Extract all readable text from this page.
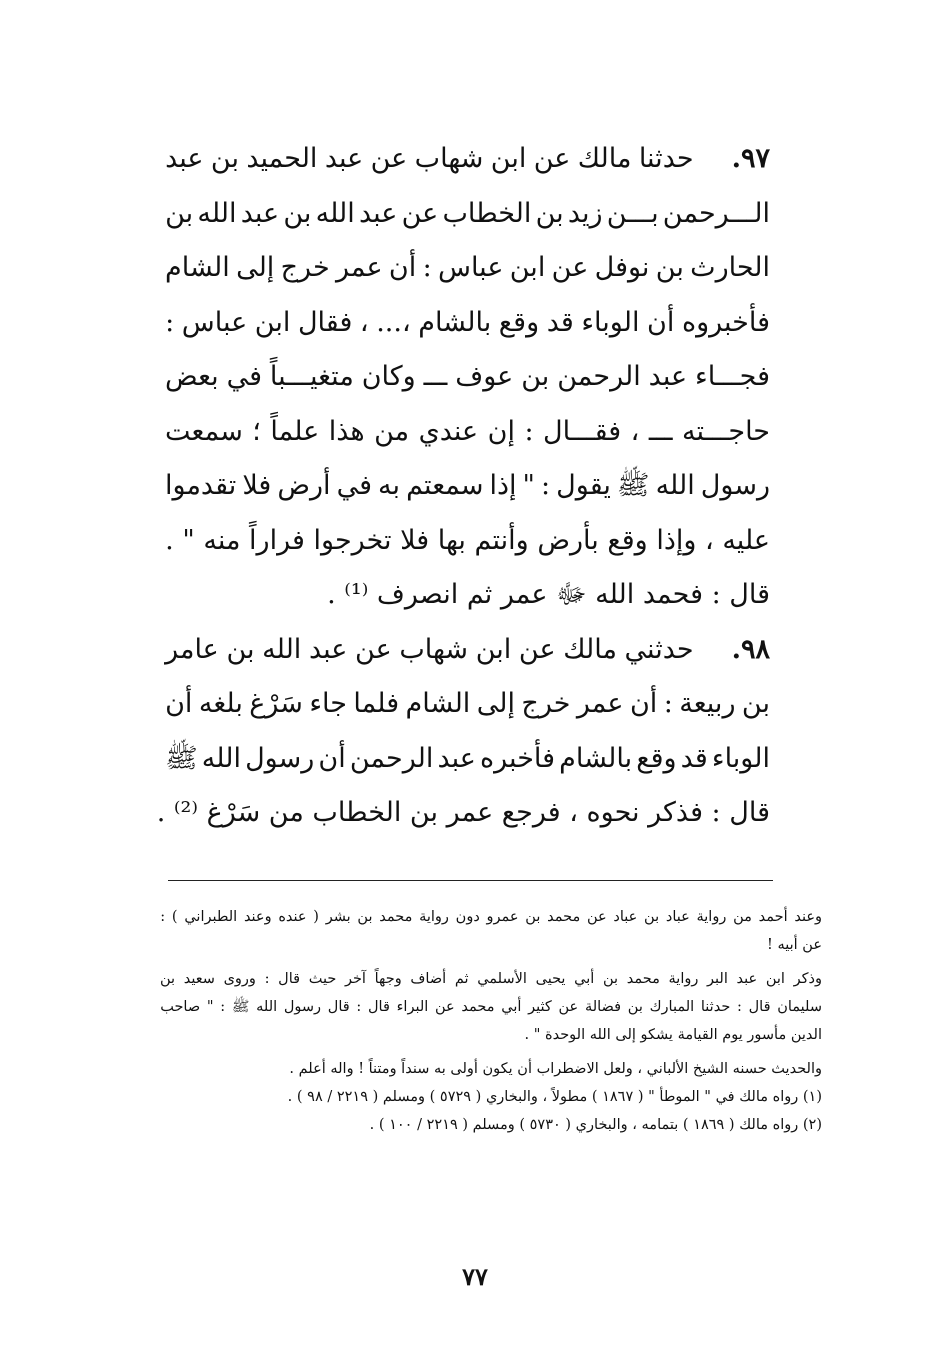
٩٧.
حدثنا
مالك
عن
ابن
شهاب
عن
عبد
الحميد
بن
عبد
الـــرحمن
بـــن
زيد
بن
الخطاب
عن
عبد
الله
بن
عبد
الله
بن
الحارث
بن
نوفل
عن
ابن
عباس
:
أن
عمر
خرج
إلى
الشام
فأخبروه
أن
الوباء
قد
وقع
بالشام
،...
،
فقال
ابن
عباس
:
فجـــاء
عبد
الرحمن
بن
عوف
ـــ
وكان
متغيـــباً
في
بعض
حاجـــته
ـــ
،
فقـــال
:
إن
عندي
من
هذا
علماً
؛
سمعت
رسول
الله
ﷺ
يقول
:
"
إذا
سمعتم
به
في
أرض
فلا
تقدموا
عليه
،
وإذا
وقع
بأرض
وأنتم
بها
فلا
تخرجوا
فراراً
منه
"
.
قال : فحمد الله ﷻ عمر ثم انصرف ⁽¹⁾ .
٩٨.
حدثني
مالك
عن
ابن
شهاب
عن
عبد
الله
بن
عامر
بن
ربيعة
:
أن
عمر
خرج
إلى
الشام
فلما
جاء
سَرْغ
بلغه
أن
الوباء
قد
وقع
بالشام
فأخبره
عبد
الرحمن
أن
رسول
الله
ﷺ
قال : فذكر نحوه ، فرجع عمر بن الخطاب من سَرْغ ⁽²⁾ .
وعند
أحمد
من
رواية
عباد
بن
عباد
عن
محمد
بن
عمرو
دون
رواية
محمد
بن
بشر
(
عنده
وعند
الطبراني
)
:
عن أبيه !
وذكر
ابن
عبد
البر
رواية
محمد
بن
أبي
يحيى
الأسلمي
ثم
أضاف
وجهاً
آخر
حيث
قال
:
وروى
سعيد
بن
سليمان
قال
:
حدثنا
المبارك
بن
فضالة
عن
كثير
أبي
محمد
عن
البراء
قال
:
قال
رسول
الله
ﷺ
:
"
صاحب
الدين مأسور يوم القيامة يشكو إلى الله الوحدة " .
والحديث حسنه الشيخ الألباني ، ولعل الاضطراب أن يكون أولى به سنداً ومتناً ! واله أعلم .
(١) رواه مالك في " الموطأ " ( ١٨٦٧ ) مطولاً ، والبخاري ( ٥٧٢٩ ) ومسلم ( ٢٢١٩ / ٩٨ ) .
(٢) رواه مالك ( ١٨٦٩ ) بتمامه ، والبخاري ( ٥٧٣٠ ) ومسلم ( ٢٢١٩ / ١٠٠ ) .
٧٧
